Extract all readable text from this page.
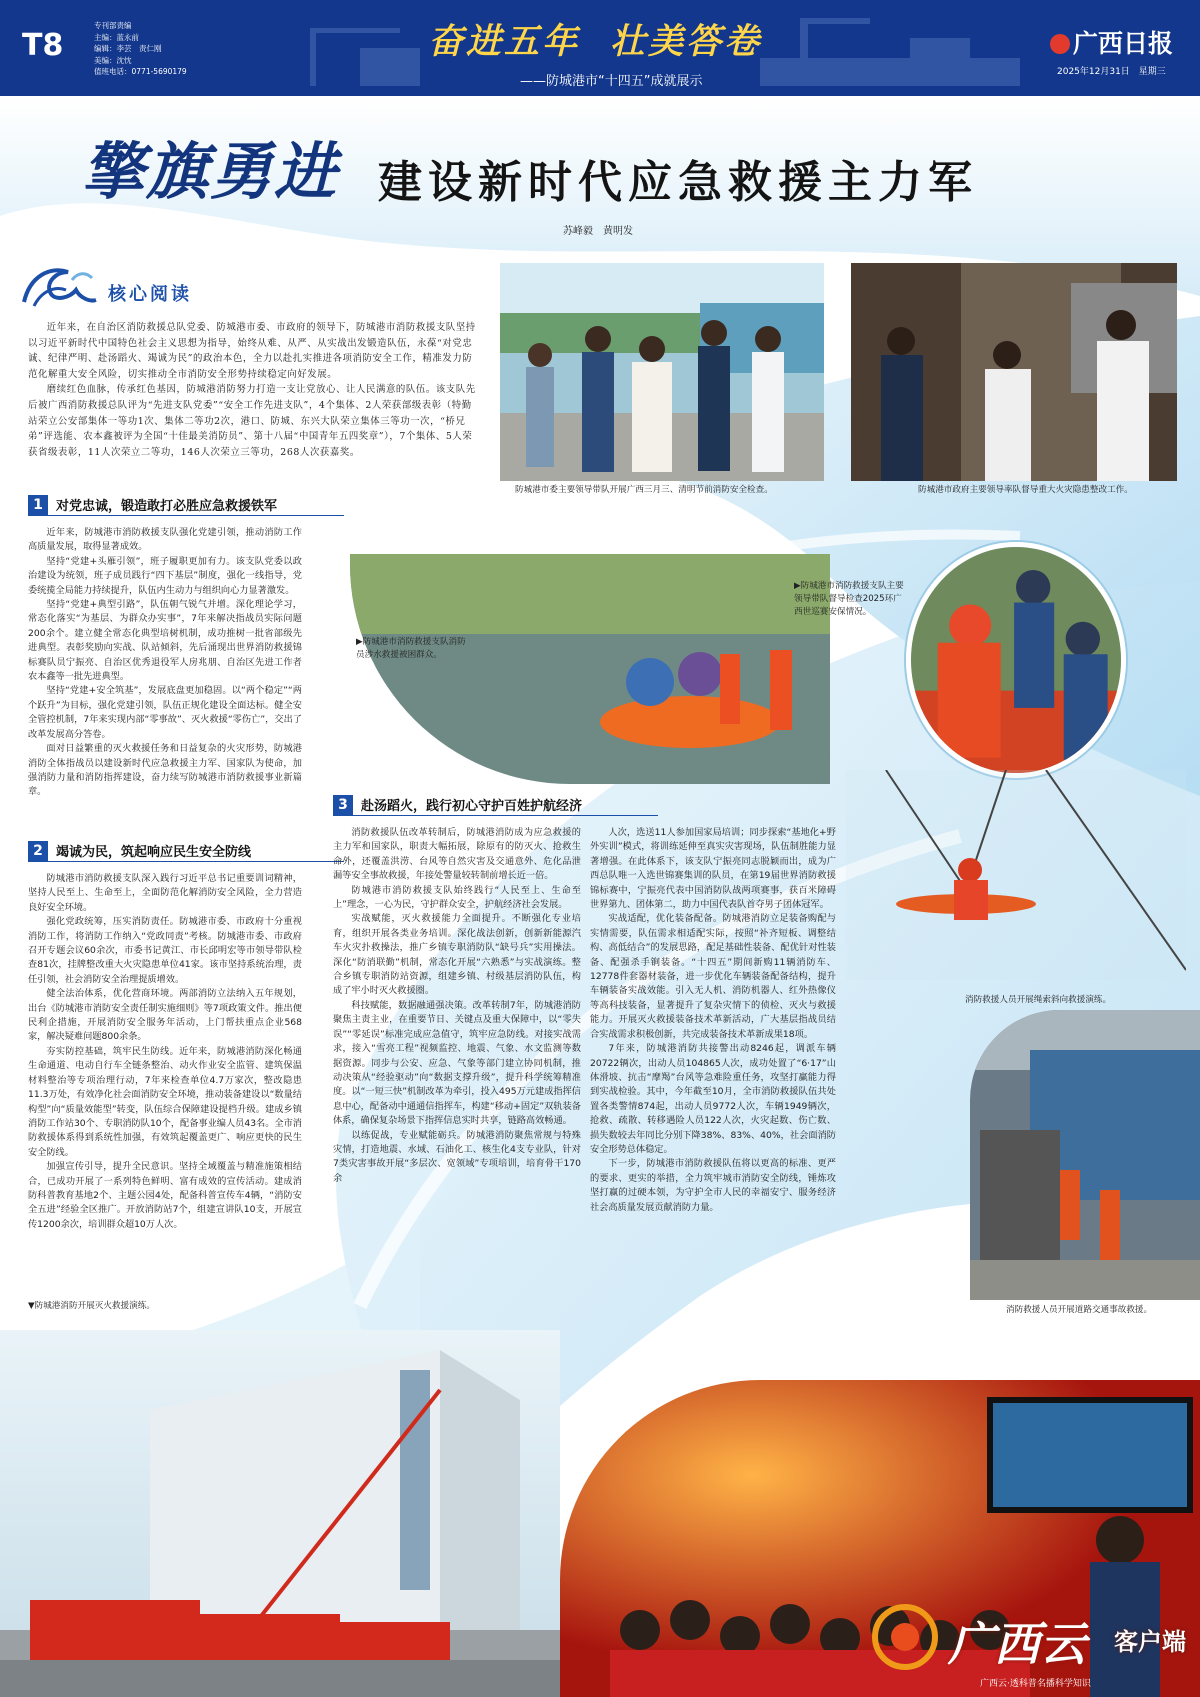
T8
专刊部责编
主编：蓝永前
编辑：李芸　责仁刚
美编：沈忱
值班电话：0771-5690179
奋进五年 壮美答卷
——防城港市“十四五”成就展示
广西日报
2025年12月31日　星期三
擎旗勇进 建设新时代应急救援主力军
苏峰毅　黄明发
核心阅读

近年来，在自治区消防救援总队党委、防城港市委、市政府的领导下，防城港市消防救援支队坚持以习近平新时代中国特色社会主义思想为指导，始终从难、从严、从实战出发锻造队伍，永葆“对党忠诚、纪律严明、赴汤蹈火、竭诚为民”的政治本色，全力以赴扎实推进各项消防安全工作，精准发力防范化解重大安全风险，切实推动全市消防安全形势持续稳定向好发展。

磨续红色血脉，传承红色基因，防城港消防努力打造一支让党放心、让人民满意的队伍。该支队先后被广西消防救援总队评为“先进支队党委”“安全工作先进支队”，4个集体、2人荣获部级表彰（特勤站荣立公安部集体一等功1次、集体二等功2次，港口、防城、东兴大队荣立集体三等功一次，“桥兄弟”评选能、农本鑫被评为全国“十佳最美消防员”、第十八届“中国青年五四奖章”），7个集体、5人荣获省级表彰，11人次荣立二等功，146人次荣立三等功，268人次获嘉奖。

防城港市委主要领导带队开展广西三月三、清明节前消防安全检查。	防城港市政府主要领导率队督导重大火灾隐患整改工作。
1 对党忠诚，锻造敢打必胜应急救援铁军

近年来，防城港市消防救援支队强化党建引领，推动消防工作高质量发展，取得显著成效。

坚持“党建+头雁引领”，班子履职更加有力。该支队党委以政治建设为统领，班子成员践行“四下基层”制度，强化一线指导，党委统揽全局能力持续提升，队伍内生动力与组织向心力显著激发。

坚持“党建+典型引路”，队伍朝气锐气并增。深化理论学习，常态化落实“为基层、为群众办实事”，7年来解决指战员实际问题200余个。建立健全常态化典型培树机制，成功推树一批省部级先进典型。表彰奖励向实战、队站倾斜，先后涌现出世界消防救援锦标赛队员宁振亮、自治区优秀退役军人房兆朋、自治区先进工作者农本鑫等一批先进典型。

坚持“党建+安全筑基”，发展底盘更加稳固。以“两个稳定”“两个跃升”为目标，强化党建引领，队伍正规化建设全面达标。健全安全管控机制，7年来实现内部“零事故”、灭火救援“零伤亡”，交出了改革发展高分答卷。

面对日益繁重的灭火救援任务和日益复杂的火灾形势，防城港消防全体指战员以建设新时代应急救援主力军、国家队为使命，加强消防力量和消防指挥建设，奋力续写防城港市消防救援事业新篇章。

▶防城港市消防救援支队消防员涉水救援被困群众。
▶防城港市消防救援支队主要领导带队督导检查2025环广西世巡赛安保情况。
2 竭诚为民，筑起响应民生安全防线

防城港市消防救援支队深入践行习近平总书记重要训词精神，坚持人民至上、生命至上，全面防范化解消防安全风险，全力营造良好安全环境。

强化党政统筹，压实消防责任。防城港市委、市政府十分重视消防工作，将消防工作纳入“党政同责”考核。防城港市委、市政府召开专题会议60余次，市委书记黄江、市长邱明宏等市领导带队检查81次，挂牌整改重大火灾隐患单位41家。该市坚持系统治理，责任引领，社会消防安全治理提质增效。

健全法治体系，优化营商环境。两部消防立法纳入五年规划，出台《防城港市消防安全责任制实施细则》等7项政策文件。推出便民利企措施，开展消防安全服务年活动，上门帮扶重点企业568家，解决疑难问题800余条。

夯实防控基础，筑牢民生防线。近年来，防城港消防深化畅通生命通道、电动自行车全链条整治、动火作业安全监管、建筑保温材料整治等专项治理行动，7年来检查单位4.7万家次，整改隐患11.3万处，有效净化社会面消防安全环境，推动装备建设以“数量结构型”向“质量效能型”转变，队伍综合保障建设提档升级。建成乡镇消防工作站30个、专职消防队10个，配备事业编人员43名。全市消防救援体系得到系统性加强，有效筑起覆盖更广、响应更快的民生安全防线。

加强宣传引导，提升全民意识。坚持全域覆盖与精准施策相结合，已成功开展了一系列特色鲜明、富有成效的宣传活动。建成消防科普教育基地2个、主题公园4处，配备科普宣传车4辆，“消防安全五进”经验全区推广。开放消防站7个，组建宣讲队10支，开展宣传1200余次，培训群众超10万人次。

3 赴汤蹈火，践行初心守护百姓护航经济

消防救援队伍改革转制后，防城港消防成为应急救援的主力军和国家队，职责大幅拓展，除原有的防灭火、抢救生命外，还覆盖洪涝、台风等自然灾害及交通意外、危化品泄漏等安全事故救援，年接处警量较转制前增长近一倍。

防城港市消防救援支队始终践行“人民至上、生命至上”理念，一心为民，守护群众安全，护航经济社会发展。

实战赋能，灭火救援能力全面提升。不断强化专业培育，组织开展各类业务培训。深化战法创新，创新新能源汽车火灾扑救操法，推广乡镇专职消防队“缺号兵”实用操法。深化“防消联勤”机制，常态化开展“六熟悉”与实战演练。整合乡镇专职消防站资源，组建乡镇、村级基层消防队伍，构成了牢小时灭火救援圈。

科技赋能，数据融通强决策。改革转制7年，防城港消防聚焦主责主业，在重要节日、关键点及重大保障中，以“零失误”“零延误”标准完成应急值守，筑牢应急防线。对接实战需求，接入“雪亮工程”视频监控、地震、气象、水文监测等数据资源。同步与公安、应急、气象等部门建立协同机制，推动决策从“经验驱动”向“数据支撑升级”，提升科学统筹精准度。以“一短三快”机制改革为牵引，投入495万元建成指挥信息中心，配备动中通通信指挥车，构建“移动+固定”双轨装备体系，确保复杂场景下指挥信息实时共享，链路高效畅通。

以练促战，专业赋能砺兵。防城港消防聚焦常规与特殊灾情，打造地震、水域、石油化工、核生化4支专业队，针对7类灾害事故开展“多层次、宽领域”专项培训，培育骨干170余

人次，选送11人参加国家局培训；同步探索“基地化+野外实训”模式，将训练延伸至真实灾害现场，队伍制胜能力显著增强。在此体系下，该支队宁振亮同志脱颖而出，成为广西总队唯一入选世锦赛集训的队员，在第19届世界消防救援锦标赛中，宁振亮代表中国消防队战两项赛事，获百米障碍世界第九、团体第二，助力中国代表队首夺男子团体冠军。

实战适配，优化装备配备。防城港消防立足装备购配与实情需要，队伍需求相适配实际，按照“补齐短板、调整结构、高低结合”的发展思路，配足基础性装备、配优针对性装备、配强杀手锏装备。“十四五”期间新购11辆消防车、12778件套器材装备，进一步优化车辆装备配备结构，提升车辆装备实战效能。引入无人机、消防机器人、红外热像仪等高科技装备，显著提升了复杂灾情下的侦检、灭火与救援能力。开展灭火救援装备技术革新活动，广大基层指战员结合实战需求积极创新，共完成装备技术革新成果18项。

7年来，防城港消防共接警出动8246起，调派车辆20722辆次，出动人员104865人次，成功处置了“6·17”山体滑坡、抗击“摩羯”台风等急难险重任务，攻坚打赢能力得到实战检验。其中，今年截至10月，全市消防救援队伍共处置各类警情874起，出动人员9772人次，车辆1949辆次，抢救、疏散、转移遇险人员122人次，火灾起数、伤亡数、损失数较去年同比分别下降38%、83%、40%，社会面消防安全形势总体稳定。

下一步，防城港市消防救援队伍将以更高的标准、更严的要求、更实的举措，全力筑牢城市消防安全防线，锤炼攻坚打赢的过硬本领，为守护全市人民的幸福安宁、服务经济社会高质量发展贡献消防力量。

消防救援人员开展绳索斜向救援演练。
消防救援人员开展道路交通事故救援。
▼防城港消防开展灭火救援演练。
广西云 客户端
广西云·透科普名播科学知识
